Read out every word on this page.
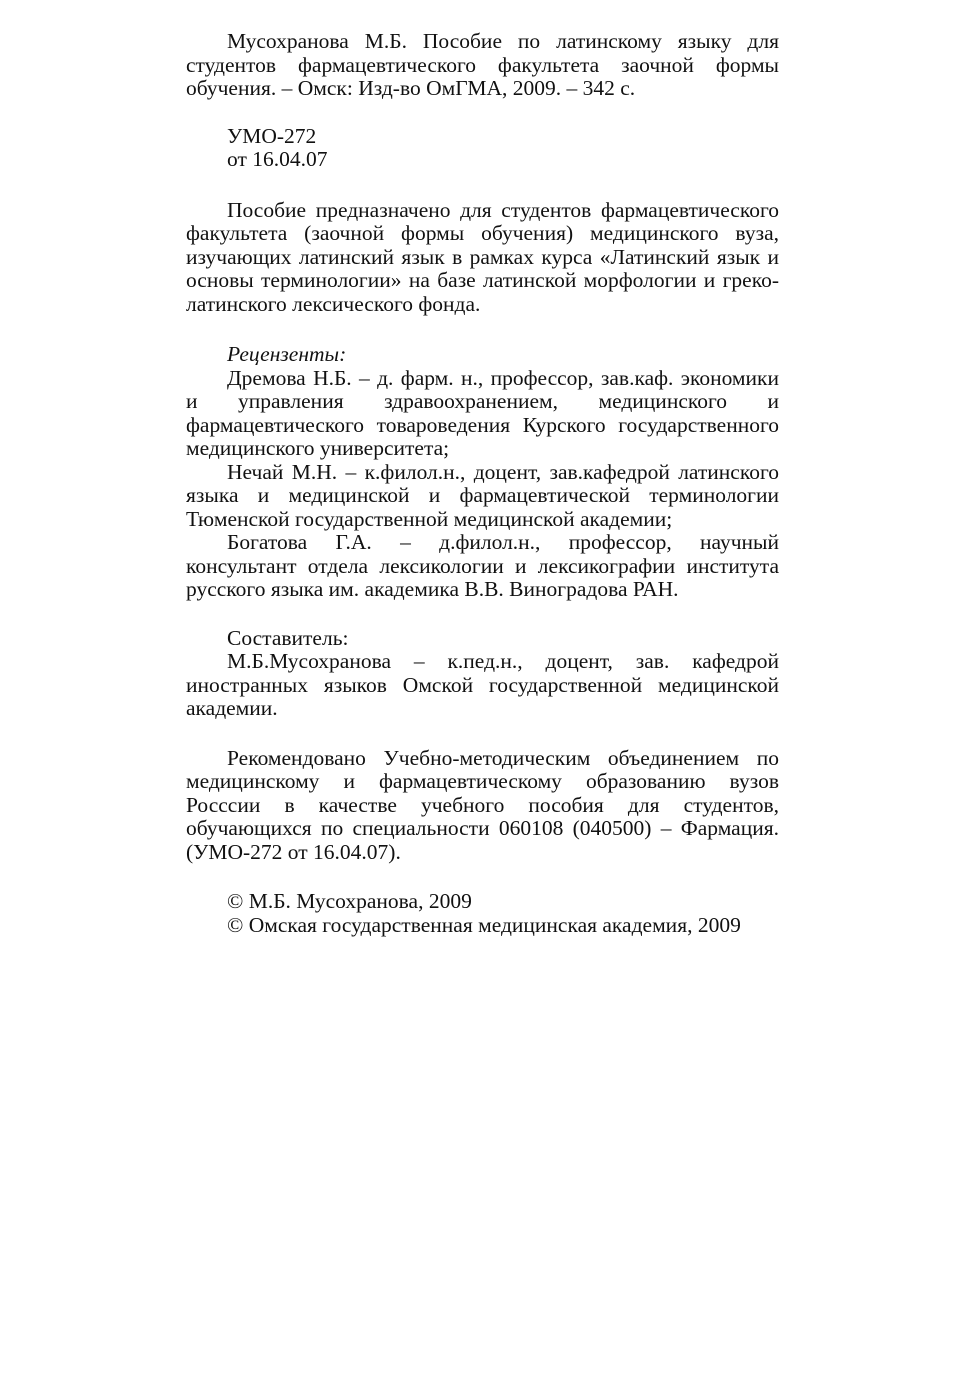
Мусохранова М.Б. Пособие по латинскому языку для студентов фармацевтического факультета заочной формы обучения. – Омск: Изд-во ОмГМА, 2009. – 342 с.

УМО-272
от 16.04.07

Пособие предназначено для студентов фармацевтического факультета (заочной формы обучения) медицинского вуза, изучающих латинский язык в рамках курса «Латинский язык и основы терминологии» на базе латинской морфологии и греко-латинского лексического фонда.

Рецензенты:

Дремова Н.Б. – д. фарм. н., профессор, зав.каф. экономики и управления здравоохранением, медицинского и фармацевтического товароведения Курского государственного медицинского университета;

Нечай М.Н. – к.филол.н., доцент, зав.кафедрой латинского языка и медицинской и фармацевтической терминологии Тюменской государственной медицинской академии;

Богатова Г.А. – д.филол.н., профессор, научный консультант отдела лексикологии и лексикографии института русского языка им. академика В.В. Виноградова РАН.

Составитель:

М.Б.Мусохранова – к.пед.н., доцент, зав. кафедрой иностранных языков Омской государственной медицинской академии.

Рекомендовано Учебно-методическим объединением по медицинскому и фармацевтическому образованию вузов Росссии в качестве учебного пособия для студентов, обучающихся по специальности 060108 (040500) – Фармация. (УМО-272 от 16.04.07).

© М.Б. Мусохранова, 2009
© Омская государственная медицинская академия, 2009
